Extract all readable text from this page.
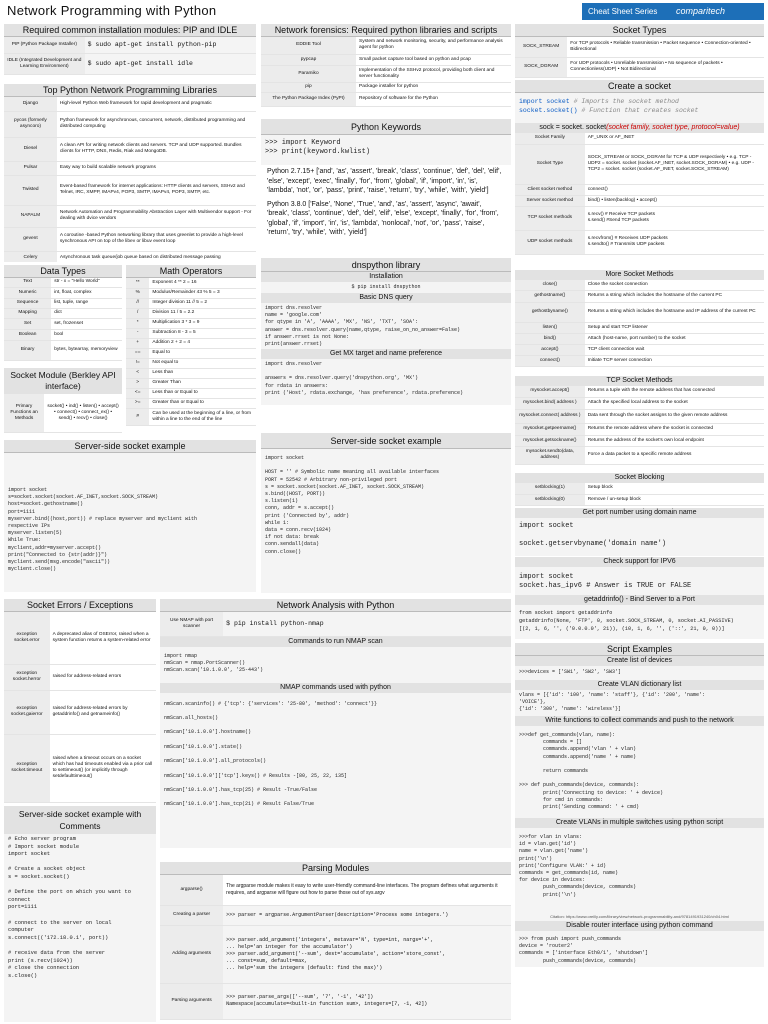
Network Programming with Python	Cheat Sheet Series	comparitech
Required common installation modules: PIP and IDLE
PIP (Python Package Installer)	$ sudo apt-get install python-pip
IDLE (Integrated Development and Learning Environment)	$ sudo apt-get install idle
Top Python Network Programming Libraries
Django	High-level Python Web framework for rapid development and pragmatic
pycos (formerly asyncoro)	Python framework for asynchronous, concurrent, network, distributed programming and distributed computing
Diesel	A clean API for writing network clients and servers. TCP and UDP supported. Bundles clients for HTTP, DNS, Redis, Riak and MongoDB.
Pulsar	Easy way to build scalable network programs
Twisted	Event-based framework for internet applications: HTTP clients and servers, SSHv2 and Telnet, IRC, XMPP, IMAPv4, POP3, SMTP, IMAPv4, POP3, SMTP, etc.
NAPALM	Network Automation and Programmability Abstraction Layer with Multivendor support - For dealing with dvice vendors
gevent	A coroutine -based Python networking library that uses greenlet to provide a high-level synchronous API on top of the libev or libuv event loop
Celery	Asynchronous task queue/job queue based on distributed message passing
Data Types
Text	str - x = "Hello World"
Numeric	int, float, complex
Sequence	list, tuple, range
Mapping	dict
Set	set, frozenset
Boolean	bool
Binary	bytes, bytearray, memoryview
Math Operators
**	Exponent 4 ** 2 = 16
%	Modulus/Remainder 43 % 5 = 3
//	Integer division 11 // 5 = 2
/	Division 11 / 5 = 2.2
*	Multiplication 3 * 3 = 9
-	Subtraction 8 - 3 = 5
+	Addition 2 + 2 = 4
==	Equal to
!=	Not equal to
<	Less than
>	Greater Than
<=	Less than or Equal to
>=	Greater than or Equal to
#	Can be used at the beginning of a line, or from within a line to the end of the line
Socket Module (Berkley API interface)
Primary Functions an Methods	socket() • ind() • listen() • accept() • connect() • connect_ex() • send() • recv() • close()
Server-side socket example
import socket
s=socket.socket(socket.AF_INET,socket.SOCK_STREAM)
host=socket.gethostname()
port=1111
myserver.bind((host,port)) # replace myserver and myclient with
respective IPs
myserver.listen(5)
While True:
myclient,addr=myserver.accept()
print("Connected to {str(addr)}")
myclient.send(msg.encode("ascii"))
myclient.close()
Socket Errors / Exceptions
exception socket.error	A deprecated alias of OSError, raised when a system function returns a system-related error
exception socket.herror	raised for address-related errors
exception socket.gaierror	raised for address-related errors by getaddrinfo() and getnameinfo()
exception socket.timeout	raised when a timeout occurs on a socket which has had timeouts enabled via a prior call to settimeout() (or implicitly through setdefaulttimeout()
Server-side socket example with Comments
# Echo server program
# Import socket module
import socket

# Create a socket object
s = socket.socket()

# Define the port on which you want to
connect
port=1111

# connect to the server on local
computer
s.connect(('172.18.0.1', port))

# receive data from the server
print (s.recv(1024))
# close the connection
s.close()
Network forensics: Required python libraries and scripts
EDDIE Tool	System and network monitoring, security, and performance analysis agent for python
pypcap	Small packet capture tool based on python and pcap
Paramiko	Implementation of the SSHv2 protocol, providing both client and server functionality
pip	Package installer for python
The Python Package Index (PyPI)	Repository of software for the Python
Python Keywords
>>> import Keyword
>>> print(keyword.kwlist)
Python 2.7.15+ ['and', 'as', 'assert', 'break', 'class', 'continue', 'def', 'del', 'elif', 'else', 'except', 'exec', 'finally', 'for', 'from', 'global', 'if', 'import', 'in', 'is', 'lambda', 'not', 'or', 'pass', 'print', 'raise', 'return', 'try', 'while', 'with', 'yield']
Python 3.8.0 ['False', 'None', 'True', 'and', 'as', 'assert', 'async', 'await', 'break', 'class', 'continue', 'def', 'del', 'elif', 'else', 'except', 'finally', 'for', 'from', 'global', 'if', 'import', 'in', 'is', 'lambda', 'nonlocal', 'not', 'or', 'pass', 'raise', 'return', 'try', 'while', 'with', 'yield']
dnspython library
Installation
$ pip install dnspython
Basic DNS query
import dns.resolver
name = 'google.com'
for qtype in 'A', 'AAAA', 'MX', 'NS', 'TXT', 'SOA':
answer = dns.resolver.query(name,qtype, raise_on_no_answer=False)
if answer.rrset is not None:
print(answer.rrset)
Get MX target and name preference
import dns.resolver

answers = dns.resolver.query('dnspython.org', 'MX')
for rdata in answers:
print ('Host', rdata.exchange, 'has preference', rdata.preference)
Server-side socket example
import socket

HOST = '' # Symbolic name meaning all available interfaces
PORT = 52542 # Arbitrary non-privileged port
s = socket.socket(socket.AF_INET, socket.SOCK_STREAM)
s.bind((HOST, PORT))
s.listen(1)
conn, addr = s.accept()
print ('Connected by', addr)
while 1:
data = conn.recv(1024)
if not data: break
conn.sendall(data)
conn.close()
Network Analysis with Python
Use NMAP with port scanner	$ pip install python-nmap
Commands to run NMAP scan
import nmap
nmScan = nmap.PortScanner()
nmScan.scan('10.1.0.0', '25-443')
NMAP commands used with python
nmScan.scaninfo() # {'tcp': {'services': '25-80', 'method': 'connect'}}

nmScan.all_hosts()

nmScan['10.1.0.0'].hostname()

nmScan['10.1.0.0'].state()

nmScan['10.1.0.0'].all_protocols()

nmScan['10.1.0.0']['tcp'].keys() # Results -[80, 25, 22, 135]

nmScan['10.1.0.0'].has_tcp(25) # Result -True/False

nmScan['10.1.0.0'].has_tcp(21) # Result False/True
Parsing Modules
argparse()	The argparse module makes it easy to write user-friendly command-line interfaces. The program defines what arguments it requires, and argparse will figure out how to parse those out of sys.argv
Creating a parser	>>> parser = argparse.ArgumentParser(description='Process some integers.')
Adding arguments	>>> parser.add_argument('integers', metavar='N', type=int, nargs='+',
... help='an integer for the accumulator')
>>> parser.add_argument('--sum', dest='accumulate', action='store_const',
... const=sum, default=max,
... help='sum the integers (default: find the max)')
Parsing arguments	>>> parser.parse_args(['--sum', '7', '-1', '42'])
Namespace(accumulate=<built-in function sum>, integers=[7, -1, 42])
Socket Types
SOCK_STREAM	For TCP protocols • Reliable transmission • Packet sequence • Connection-oriented • Bidirectional
SOCK_DGRAM	For UDP protocols • Unreliable transmission • No sequence of packets • Connectionless(UDP) • Not Bidirectional
Create a socket
import socket # Imports the socket method
socket.socket() # Function that creates socket
sock = socket. socket(socket family, socket type, protocol=value)
Socket Family	AF_UNIX or AF_INET
Socket Type	SOCK_STREAM or SOCK_DGRAM for TCP & UDP respectively • e.g. TCP - UDP2 = socket. socket (socket.AF_INET, socket.SOCK_DGRAM) • e.g. UDP - TCP2 = socket. socket (socket.AF_INET, socket.SOCK_STREAM)
Client socket method	connect()
Server socket method	bind() • listen(backlog) • accept()
TCP socket methods	s.recv() # Receive TCP packets
s.send() #Send TCP packets
UDP socket methods	s.recvfrom() # Receives UDP packets
s.sendto() # Transmits UDP packets
More Socket Methods
close()	Close the socket connection
gethostname()	Returns a string which includes the hostname of the current PC
gethostbyname()	Returns a string which includes the hostname and IP address of the current PC
listen()	Setup and start TCP listener
bind()	Attach (host-name, port number) to the socket
accept()	TCP client connection wait
connect()	Initiate TCP server connection
TCP Socket Methods
mysocket.accept()	Returns a tuple with the remote address that has connected
mysocket.bind( address )	Attach the specified local address to the socket
mysocket.connect( address )	Data sent through the socket assigns to the given remote address
mysocket.getpeername()	Returns the remote address where the socket is connected
mysocket.getsockname()	Returns the address of the socket's own local endpoint
mysocket.sendto(data, address)	Force a data packet to a specific remote address
Socket Blocking
setblocking(1)	Setup block
setblocking(0)	Remove / un-setup block
Get port number using domain name
import socket

socket.getservbyname('domain name')
Check support for IPV6
import socket
socket.has_ipv6 # Answer is TRUE or FALSE
getaddrinfo() - Bind Server to a Port
from socket import getaddrinfo
getaddrinfo(None, 'FTP', 0, socket.SOCK_STREAM, 0, socket.AI_PASSIVE)
[(2, 1, 6, '', ('0.0.0.0', 21)), (10, 1, 6, '', ('::', 21, 0, 0))]
Script Examples
Create list of devices
>>>devices = ['SW1', 'SW2', 'SW3']
Create VLAN dictionary list
vlans = [{'id': '100', 'name': 'staff'}, {'id': '200', 'name':
'VOICE'},
{'id': '300', 'name': 'wireless'}]
Write functions to collect commands and push to the network
>>>def get_commands(vlan, name):
commands = []
commands.append('vlan ' + vlan)
commands.append('name ' + name)

return commands

>>> def push_commands(device, commands):
print('Connecting to device: ' + device)
for cmd in commands:
print('Sending command: ' + cmd)
Create VLANs in multiple switches using python script
>>>for vlan in vlans:
id = vlan.get('id')
name = vlan.get('name')
print('\n')
print('Configure VLAN:' + id)
commands = get_commands(id, name)
for device in devices:
push_commands(device, commands)
print('\n')
Citation: https://www.oreilly.com/library/view/network-programmability-and/9781491931240/ch04.html
Disable router interface using python command
>>> from push import push_commands
device = 'router2'
commands = ['interface Eth0/1', 'shutdown']
push_commands(device, commands)
